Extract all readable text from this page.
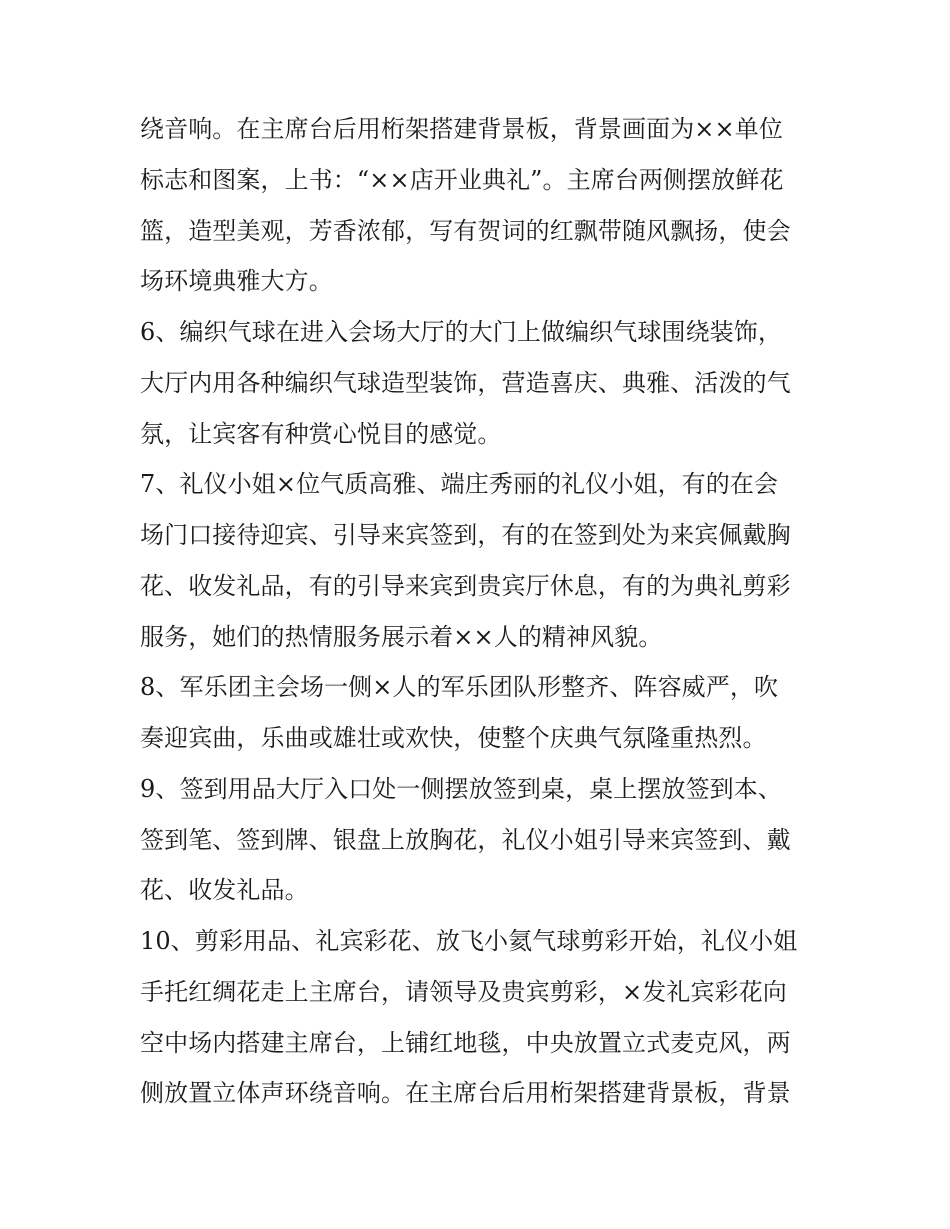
绕音响。在主席台后用桁架搭建背景板，背景画面为××单位

标志和图案，上书：“××店开业典礼”。主席台两侧摆放鲜花

篮，造型美观，芳香浓郁，写有贺词的红飘带随风飘扬，使会

场环境典雅大方。

6、编织气球在进入会场大厅的大门上做编织气球围绕装饰，

大厅内用各种编织气球造型装饰，营造喜庆、典雅、活泼的气

氛，让宾客有种赏心悦目的感觉。

7、礼仪小姐×位气质高雅、端庄秀丽的礼仪小姐，有的在会

场门口接待迎宾、引导来宾签到，有的在签到处为来宾佩戴胸

花、收发礼品，有的引导来宾到贵宾厅休息，有的为典礼剪彩

服务，她们的热情服务展示着××人的精神风貌。

8、军乐团主会场一侧×人的军乐团队形整齐、阵容威严，吹

奏迎宾曲，乐曲或雄壮或欢快，使整个庆典气氛隆重热烈。

9、签到用品大厅入口处一侧摆放签到桌，桌上摆放签到本、

签到笔、签到牌、银盘上放胸花，礼仪小姐引导来宾签到、戴

花、收发礼品。

10、剪彩用品、礼宾彩花、放飞小氦气球剪彩开始，礼仪小姐

手托红绸花走上主席台，请领导及贵宾剪彩，×发礼宾彩花向

空中场内搭建主席台，上铺红地毯，中央放置立式麦克风，两

侧放置立体声环绕音响。在主席台后用桁架搭建背景板，背景
